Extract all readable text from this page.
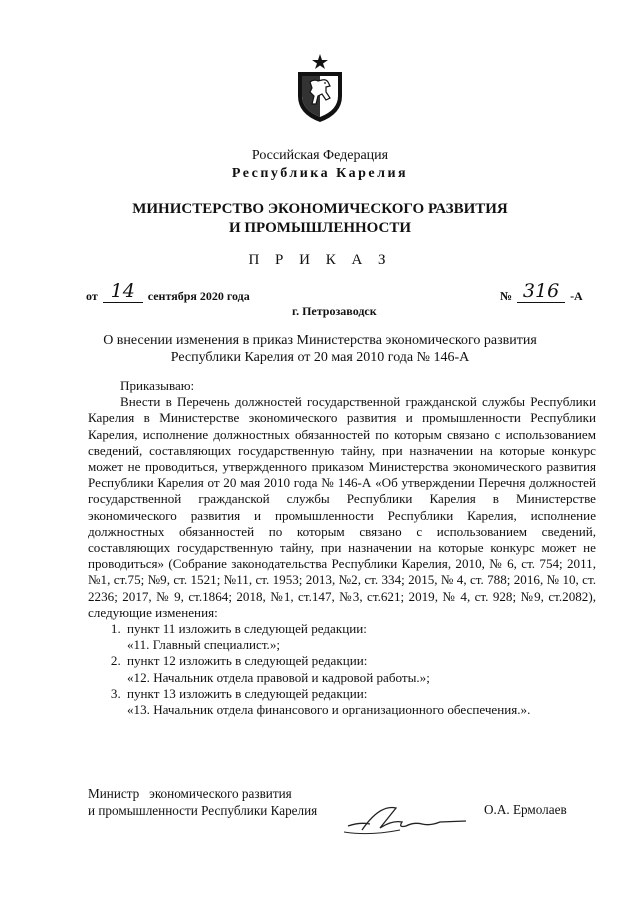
Российская Федерация
Республика Карелия
МИНИСТЕРСТВО ЭКОНОМИЧЕСКОГО РАЗВИТИЯ
И ПРОМЫШЛЕННОСТИ
П Р И К А З
от 14 сентября 2020 года	№ 316 -А
г. Петрозаводск
О внесении изменения в приказ Министерства экономического развития
Республики Карелия от 20 мая 2010 года № 146-А

Приказываю:

Внести в Перечень должностей государственной гражданской службы Республики Карелия в Министерстве экономического развития и промышленности Республики Карелия, исполнение должностных обязанностей по которым связано с использованием сведений, составляющих государственную тайну, при назначении на которые конкурс может не проводиться, утвержденного приказом Министерства экономического развития Республики Карелия от 20 мая 2010 года № 146-А «Об утверждении Перечня должностей государственной гражданской службы Республики Карелия в Министерстве экономического развития и промышленности Республики Карелия, исполнение должностных обязанностей по которым связано с использованием сведений, составляющих государственную тайну, при назначении на которые конкурс может не проводиться» (Собрание законодательства Республики Карелия, 2010, № 6, ст. 754; 2011, №1, ст.75; №9, ст. 1521; №11, ст. 1953; 2013, №2, ст. 334; 2015, № 4, ст. 788; 2016, № 10, ст. 2236; 2017, № 9, ст.1864; 2018, №1, ст.147, №3, ст.621; 2019, № 4, ст. 928; №9, ст.2082), следующие изменения:

1. пункт 11 изложить в следующей редакции:
«11. Главный специалист.»;
2. пункт 12 изложить в следующей редакции:
«12. Начальник отдела правовой и кадровой работы.»;
3. пункт 13 изложить в следующей редакции:
«13. Начальник отдела финансового и организационного обеспечения.».
Министр   экономического развития
и промышленности Республики Карелия	О.А. Ермолаев
